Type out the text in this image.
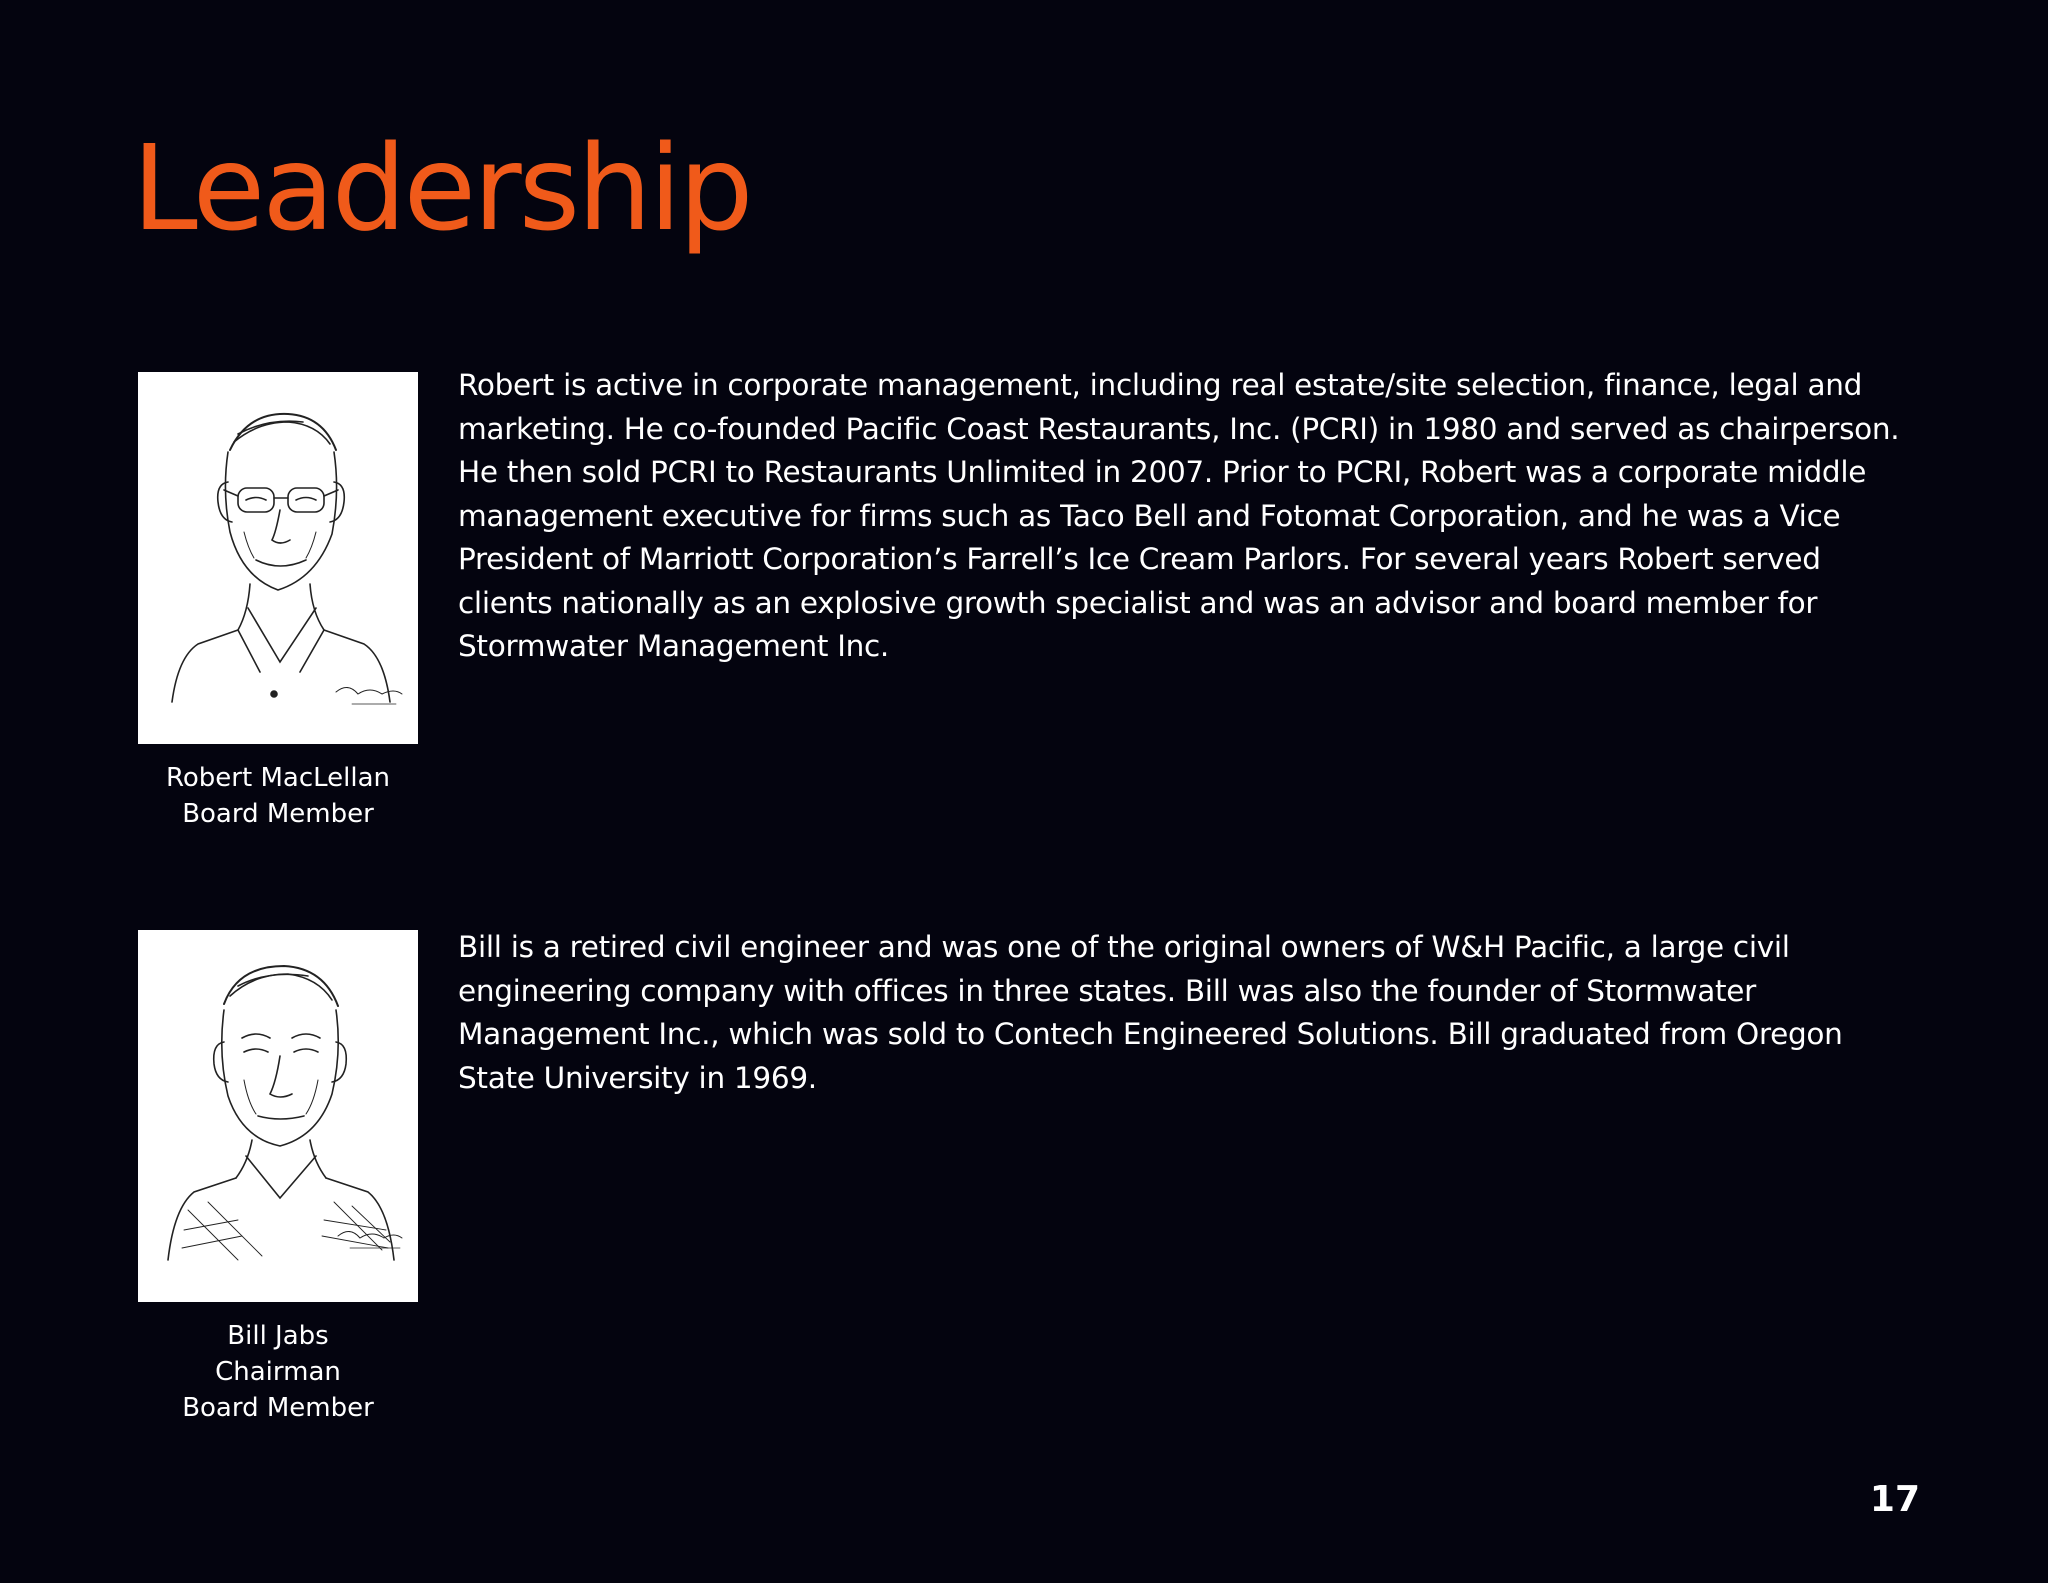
Leadership
Robert MacLellan
Board Member

Robert is active in corporate management, including real estate/site selection, finance, legal and marketing. He co-founded Pacific Coast Restaurants, Inc. (PCRI) in 1980 and served as chairperson. He then sold PCRI to Restaurants Unlimited in 2007. Prior to PCRI, Robert was a corporate middle management executive for firms such as Taco Bell and Fotomat Corporation, and he was a Vice President of Marriott Corporation’s Farrell’s Ice Cream Parlors. For several years Robert served clients nationally as an explosive growth specialist and was an advisor and board member for Stormwater Management Inc.

Bill Jabs
Chairman
Board Member

Bill is a retired civil engineer and was one of the original owners of W&H Pacific, a large civil engineering company with offices in three states. Bill was also the founder of Stormwater Management Inc., which was sold to Contech Engineered Solutions. Bill graduated from Oregon State University in 1969.

17
